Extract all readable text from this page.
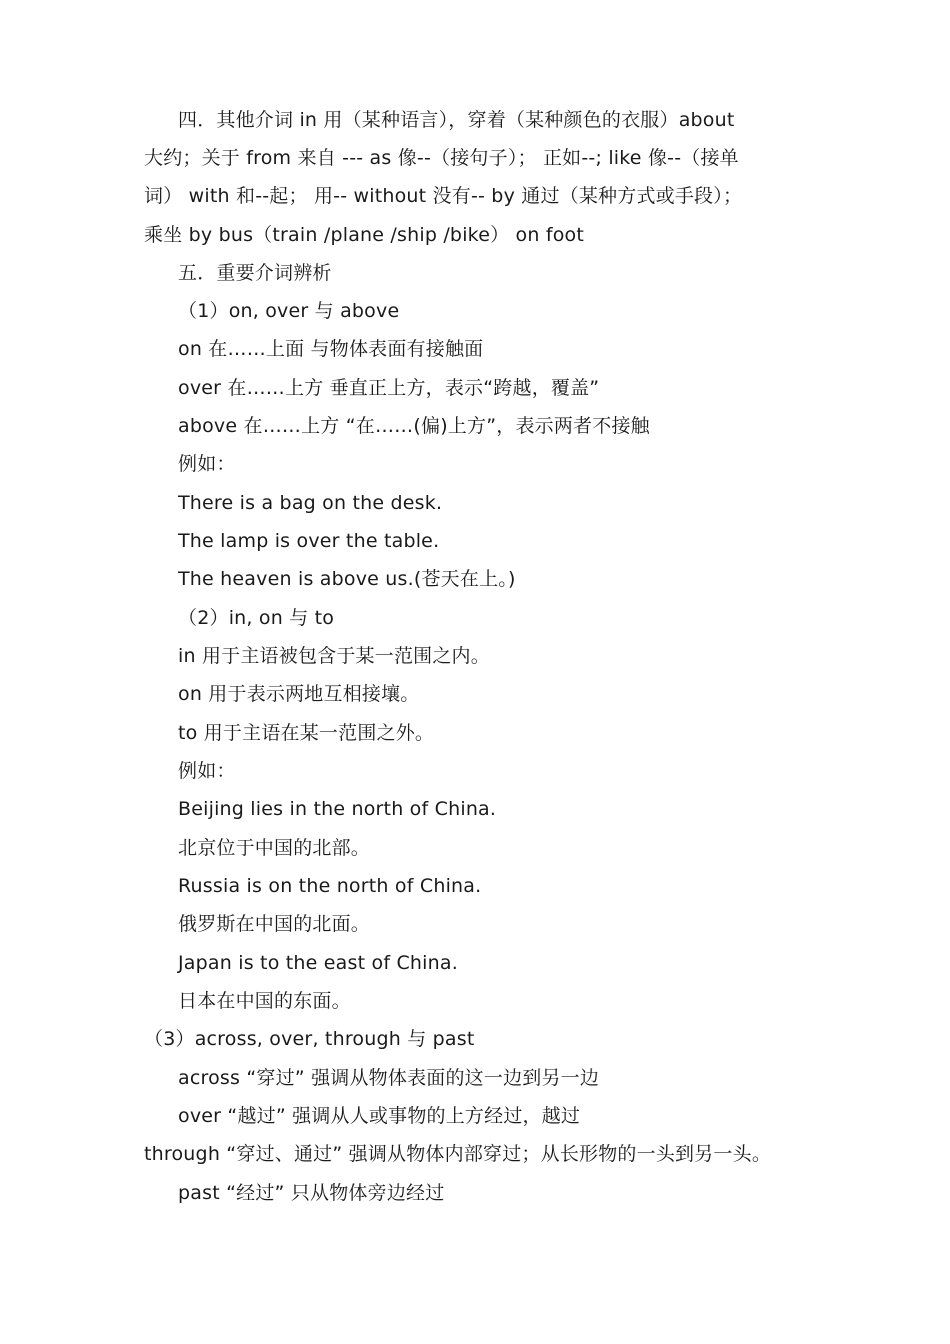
四．其他介词 in 用（某种语言），穿着（某种颜色的衣服）about
大约；关于 from 来自 --- as 像--（接句子）； 正如--; like 像--（接单
词） with 和--起； 用-- without 没有-- by 通过（某种方式或手段）；
乘坐 by bus（train /plane /ship /bike） on foot
五．重要介词辨析
（1）on, over 与 above
on 在……上面 与物体表面有接触面
over 在……上方 垂直正上方，表示“跨越，覆盖”
above 在……上方 “在……(偏)上方”，表示两者不接触
例如：
There is a bag on the desk.
The lamp is over the table.
The heaven is above us.(苍天在上。)
（2）in, on 与 to
in 用于主语被包含于某一范围之内。
on 用于表示两地互相接壤。
to 用于主语在某一范围之外。
例如：
Beijing lies in the north of China.
北京位于中国的北部。
Russia is on the north of China.
俄罗斯在中国的北面。
Japan is to the east of China.
日本在中国的东面。
（3）across, over, through 与 past
across “穿过” 强调从物体表面的这一边到另一边
over “越过” 强调从人或事物的上方经过，越过
through “穿过、通过” 强调从物体内部穿过；从长形物的一头到另一头。
past “经过” 只从物体旁边经过
